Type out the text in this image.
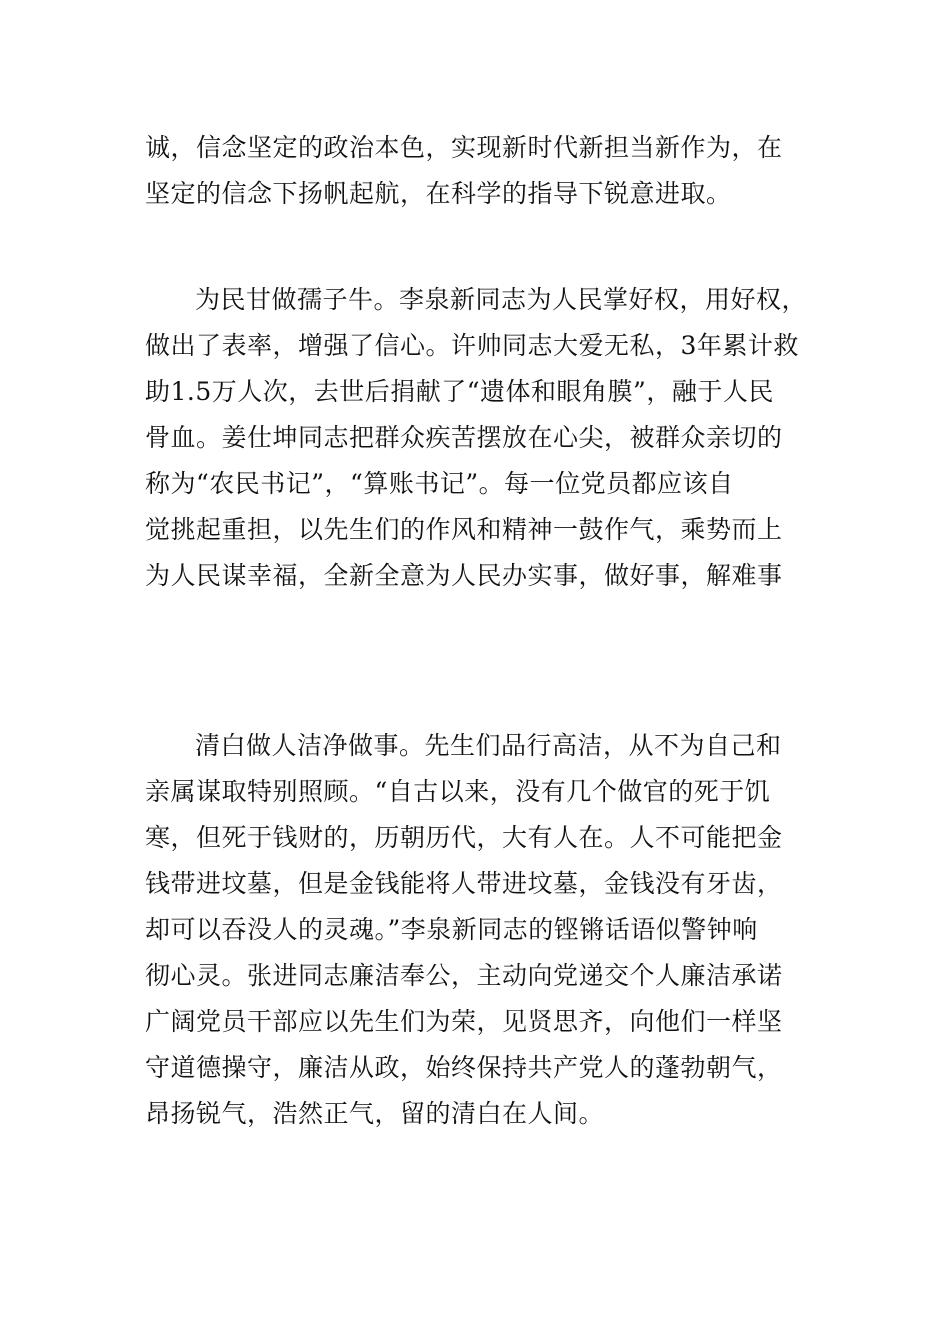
诚，信念坚定的政治本色，实现新时代新担当新作为，在
坚定的信念下扬帆起航，在科学的指导下锐意进取。

为民甘做孺子牛。李泉新同志为人民掌好权，用好权，
做出了表率，增强了信心。许帅同志大爱无私，3年累计救
助1.5万人次，去世后捐献了“遗体和眼角膜”，融于人民
骨血。姜仕坤同志把群众疾苦摆放在心尖，被群众亲切的
称为“农民书记”，“算账书记”。每一位党员都应该自
觉挑起重担，以先生们的作风和精神一鼓作气，乘势而上
为人民谋幸福，全新全意为人民办实事，做好事，解难事

清白做人洁净做事。先生们品行高洁，从不为自己和
亲属谋取特别照顾。“自古以来，没有几个做官的死于饥
寒，但死于钱财的，历朝历代，大有人在。人不可能把金
钱带进坟墓，但是金钱能将人带进坟墓，金钱没有牙齿，
却可以吞没人的灵魂。”李泉新同志的铿锵话语似警钟响
彻心灵。张进同志廉洁奉公，主动向党递交个人廉洁承诺
广阔党员干部应以先生们为荣，见贤思齐，向他们一样坚
守道德操守，廉洁从政，始终保持共产党人的蓬勃朝气，
昂扬锐气，浩然正气，留的清白在人间。
